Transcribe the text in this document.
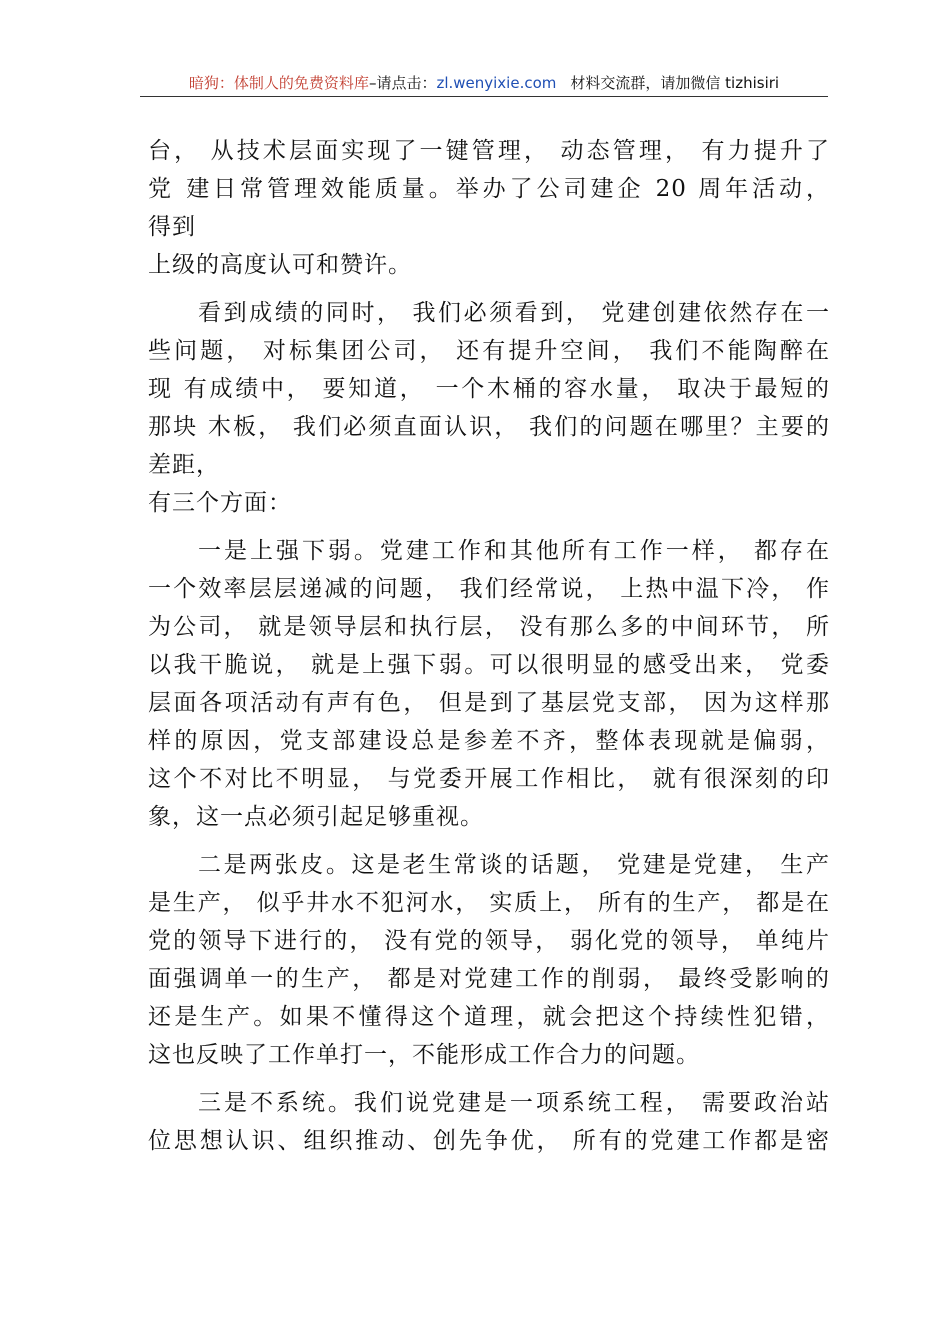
暗狗：体制人的免费资料库–请点击：zl.wenyixie.com 材料交流群，请加微信 tizhisiri
台， 从技术层面实现了一键管理， 动态管理， 有力提升了
党 建日常管理效能质量。举办了公司建企 20 周年活动，
得到
上级的高度认可和赞许。
看到成绩的同时， 我们必须看到， 党建创建依然存在一
些问题， 对标集团公司， 还有提升空间， 我们不能陶醉在
现 有成绩中， 要知道， 一个木桶的容水量， 取决于最短的
那块 木板， 我们必须直面认识， 我们的问题在哪里？主要的
差距，
有三个方面：
一是上强下弱。党建工作和其他所有工作一样， 都存在
一个效率层层递减的问题， 我们经常说， 上热中温下冷， 作
为公司， 就是领导层和执行层， 没有那么多的中间环节， 所
以我干脆说， 就是上强下弱。可以很明显的感受出来， 党委
层面各项活动有声有色， 但是到了基层党支部， 因为这样那
样的原因，党支部建设总是参差不齐，整体表现就是偏弱，
这个不对比不明显， 与党委开展工作相比， 就有很深刻的印
象，这一点必须引起足够重视。
二是两张皮。这是老生常谈的话题， 党建是党建， 生产
是生产， 似乎井水不犯河水， 实质上， 所有的生产， 都是在
党的领导下进行的， 没有党的领导， 弱化党的领导， 单纯片
面强调单一的生产， 都是对党建工作的削弱， 最终受影响的
还是生产。如果不懂得这个道理，就会把这个持续性犯错，
这也反映了工作单打一，不能形成工作合力的问题。
三是不系统。我们说党建是一项系统工程， 需要政治站
位思想认识、组织推动、创先争优， 所有的党建工作都是密
